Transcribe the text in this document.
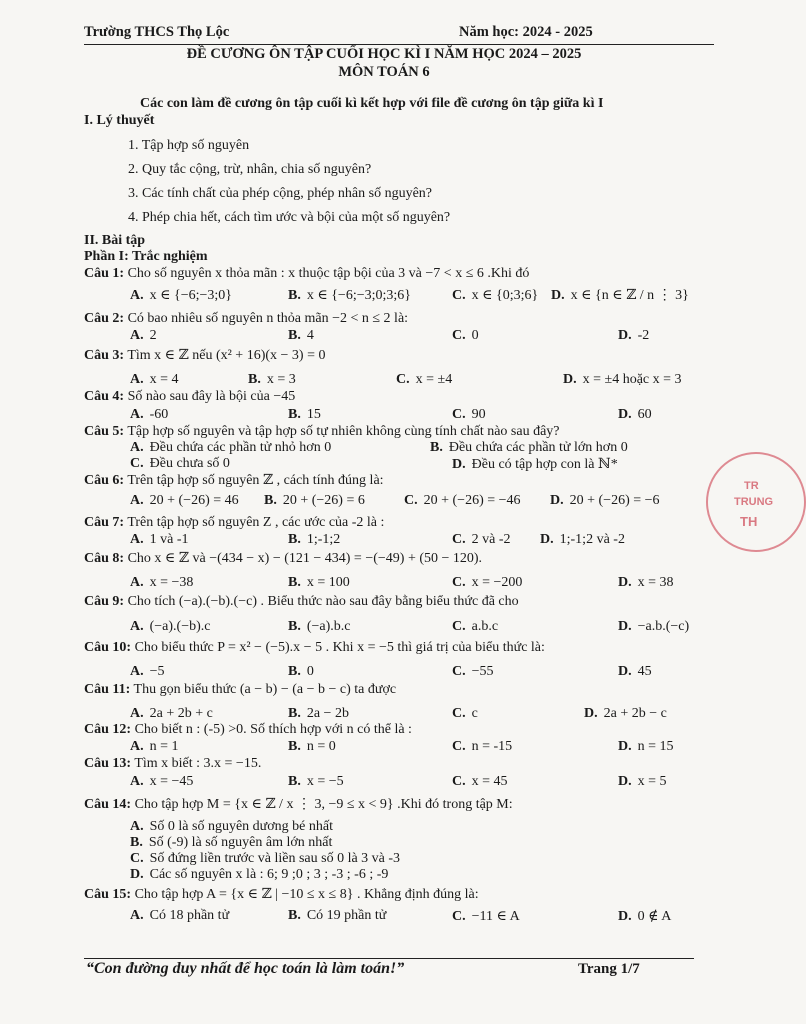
Trường THCS Thọ Lộc	Năm học: 2024 - 2025
ĐỀ CƯƠNG ÔN TẬP CUỐI HỌC KÌ I NĂM HỌC 2024 – 2025
MÔN TOÁN 6
Các con làm đề cương ôn tập cuối kì kết hợp với file đề cương ôn tập giữa kì I
I. Lý thuyết
1. Tập hợp số nguyên
2. Quy tắc cộng, trừ, nhân, chia số nguyên?
3. Các tính chất của phép cộng, phép nhân số nguyên?
4. Phép chia hết, cách tìm ước và bội của một số nguyên?
II. Bài tập
Phần I: Trắc nghiệm
Câu 1: Cho số nguyên x thỏa mãn : x thuộc tập bội của 3 và −7 < x ≤ 6 .Khi đó
A. x ∈ {−6;−3;0}	B. x ∈ {−6;−3;0;3;6}	C. x ∈ {0;3;6} D. x ∈ {n ∈ ℤ / n ⋮ 3}
Câu 2: Có bao nhiêu số nguyên n thỏa mãn −2 < n ≤ 2 là:
A. 2	B. 4	C. 0	D. -2
Câu 3: Tìm x ∈ ℤ nếu (x² + 16)(x − 3) = 0
A. x = 4	B. x = 3	C. x = ±4	D. x = ±4 hoặc x = 3
Câu 4: Số nào sau đây là bội của −45
A. -60	B. 15	C. 90	D. 60
Câu 5: Tập hợp số nguyên và tập hợp số tự nhiên không cùng tính chất nào sau đây?
A. Đều chứa các phần tử nhỏ hơn 0	B. Đều chứa các phần tử lớn hơn 0
C. Đều chưa số 0	D. Đều có tập hợp con là ℕ*
Câu 6: Trên tập hợp số nguyên ℤ , cách tính đúng là:
A. 20 + (−26) = 46 B. 20 + (−26) = 6	C. 20 + (−26) = −46 D. 20 + (−26) = −6
Câu 7: Trên tập hợp số nguyên Z , các ước của -2 là :
A. 1 và -1	B. 1;-1;2	C. 2 và -2 D. 1;-1;2 và -2
Câu 8: Cho x ∈ ℤ và −(434 − x) − (121 − 434) = −(−49) + (50 − 120).
A. x = −38	B. x = 100	C. x = −200	D. x = 38
Câu 9: Cho tích (−a).(−b).(−c) . Biểu thức nào sau đây bằng biểu thức đã cho
A. (−a).(−b).c	B. (−a).b.c	C. a.b.c	D. −a.b.(−c)
Câu 10: Cho biểu thức P = x² − (−5).x − 5 . Khi x = −5 thì giá trị của biểu thức là:
A. −5	B. 0	C. −55	D. 45
Câu 11: Thu gọn biểu thức (a − b) − (a − b − c) ta được
A. 2a + 2b + c	B. 2a − 2b	C. c	D. 2a + 2b − c
Câu 12: Cho biết n : (-5) >0. Số thích hợp với n có thể là :
A. n = 1	B. n = 0	C. n = -15	D. n = 15
Câu 13: Tìm x biết : 3.x = −15.
A. x = −45	B. x = −5	C. x = 45	D. x = 5
Câu 14: Cho tập hợp M = {x ∈ ℤ / x ⋮ 3, −9 ≤ x < 9} .Khi đó trong tập M:
A. Số 0 là số nguyên dương bé nhất
B. Số (-9) là số nguyên âm lớn nhất
C. Số đứng liền trước và liền sau số 0 là 3 và -3
D. Các số nguyên x là : 6; 9 ;0 ; 3 ; -3 ; -6 ; -9
Câu 15: Cho tập hợp A = {x ∈ ℤ | −10 ≤ x ≤ 8} . Khẳng định đúng là:
A. Có 18 phần tử	B. Có 19 phần tử	C. −11 ∈ A	D. 0 ∉ A
“Con đường duy nhất để học toán là làm toán!”	Trang 1/7
TR
TRUNG
TH
